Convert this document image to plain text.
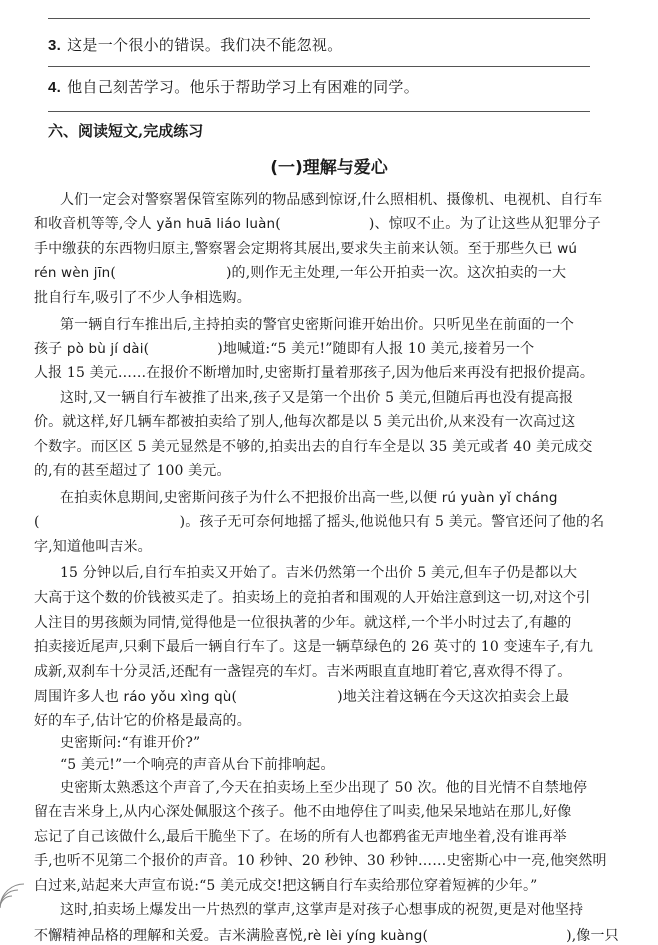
3. 这是一个很小的错误。我们决不能忽视。
4. 他自己刻苦学习。他乐于帮助学习上有困难的同学。
六、阅读短文,完成练习
(一)理解与爱心
人们一定会对警察署保管室陈列的物品感到惊讶,什么照相机、摄像机、电视机、自行车
和收音机等等,令人 yǎn huā liáo luàn(	)、惊叹不止。为了让这些从犯罪分子
手中缴获的东西物归原主,警察署会定期将其展出,要求失主前来认领。至于那些久已 wú
rén wèn jīn(	)的,则作无主处理,一年公开拍卖一次。这次拍卖的一大
批自行车,吸引了不少人争相选购。
第一辆自行车推出后,主持拍卖的警官史密斯问谁开始出价。只听见坐在前面的一个
孩子 pò bù jí dài(	)地喊道:“5 美元!”随即有人报 10 美元,接着另一个
人报 15 美元……在报价不断增加时,史密斯打量着那孩子,因为他后来再没有把报价提高。
这时,又一辆自行车被推了出来,孩子又是第一个出价 5 美元,但随后再也没有提高报
价。就这样,好几辆车都被拍卖给了别人,他每次都是以 5 美元出价,从来没有一次高过这
个数字。而区区 5 美元显然是不够的,拍卖出去的自行车全是以 35 美元或者 40 美元成交
的,有的甚至超过了 100 美元。
在拍卖休息期间,史密斯问孩子为什么不把报价出高一些,以便 rú yuàn yǐ cháng
(	)。孩子无可奈何地摇了摇头,他说他只有 5 美元。警官还问了他的名
字,知道他叫吉米。
15 分钟以后,自行车拍卖又开始了。吉米仍然第一个出价 5 美元,但车子仍是都以大
大高于这个数的价钱被买走了。拍卖场上的竞拍者和围观的人开始注意到这一切,对这个引
人注目的男孩颇为同情,觉得他是一位很执著的少年。就这样,一个半小时过去了,有趣的
拍卖接近尾声,只剩下最后一辆自行车了。这是一辆草绿色的 26 英寸的 10 变速车子,有九
成新,双刹车十分灵活,还配有一盏锃亮的车灯。吉米两眼直直地盯着它,喜欢得不得了。
周围许多人也 ráo yǒu xìng qù(	)地关注着这辆在今天这次拍卖会上最
好的车子,估计它的价格是最高的。
史密斯问:“有谁开价?”
“5 美元!”一个响亮的声音从台下前排响起。
史密斯太熟悉这个声音了,今天在拍卖场上至少出现了 50 次。他的目光情不自禁地停
留在吉米身上,从内心深处佩服这个孩子。他不由地停住了叫卖,他呆呆地站在那儿,好像
忘记了自己该做什么,最后干脆坐下了。在场的所有人也都鸦雀无声地坐着,没有谁再举
手,也听不见第二个报价的声音。10 秒钟、20 秒钟、30 秒钟……史密斯心中一亮,他突然明
白过来,站起来大声宣布说:“5 美元成交!把这辆自行车卖给那位穿着短裤的少年。”
这时,拍卖场上爆发出一片热烈的掌声,这掌声是对孩子心想事成的祝贺,更是对他坚持
不懈精神品格的理解和关爱。吉米满脸喜悦,rè lèi yíng kuàng(	),像一只
